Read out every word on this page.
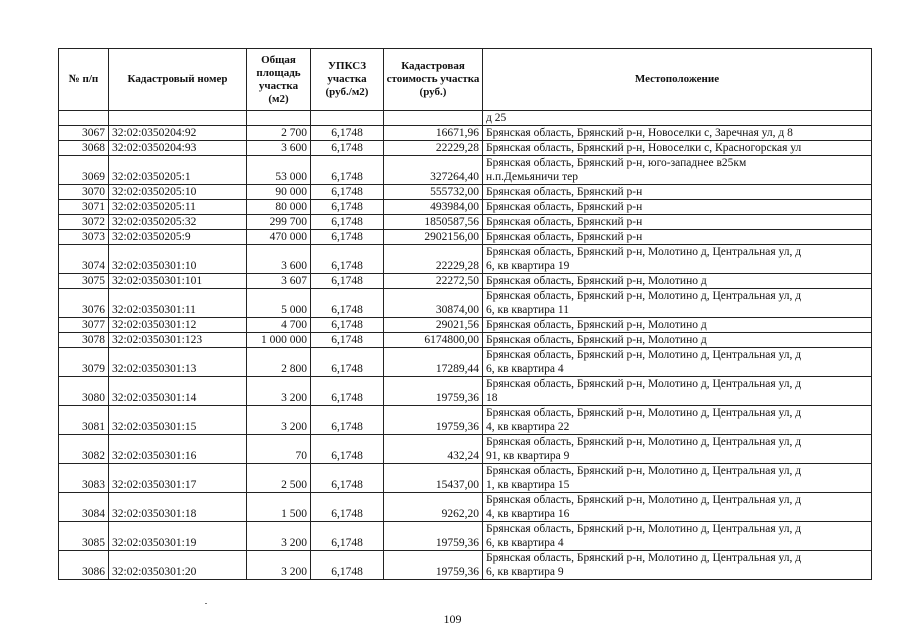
№ п/п	Кадастровый номер	Общая площадь участка (м2)	УПКСЗ участка (руб./м2)	Кадастровая стоимость участка (руб.)	Местоположение
					д 25
3067	32:02:0350204:92	2 700	6,1748	16671,96	Брянская область, Брянский р-н, Новоселки с, Заречная ул, д 8

3068	32:02:0350204:93	3 600	6,1748	22229,28	Брянская область, Брянский р-н, Новоселки с, Красногорская ул

3069	32:02:0350205:1	53 000	6,1748	327264,40	Брянская область, Брянский р-н, юго-западнее в25км
н.п.Демьяничи тер

3070	32:02:0350205:10	90 000	6,1748	555732,00	Брянская область, Брянский р-н

3071	32:02:0350205:11	80 000	6,1748	493984,00	Брянская область, Брянский р-н

3072	32:02:0350205:32	299 700	6,1748	1850587,56	Брянская область, Брянский р-н

3073	32:02:0350205:9	470 000	6,1748	2902156,00	Брянская область, Брянский р-н

3074	32:02:0350301:10	3 600	6,1748	22229,28	Брянская область, Брянский р-н, Молотино д, Центральная ул, д
6, кв квартира 19

3075	32:02:0350301:101	3 607	6,1748	22272,50	Брянская область, Брянский р-н, Молотино д

3076	32:02:0350301:11	5 000	6,1748	30874,00	Брянская область, Брянский р-н, Молотино д, Центральная ул, д
6, кв квартира 11

3077	32:02:0350301:12	4 700	6,1748	29021,56	Брянская область, Брянский р-н, Молотино д

3078	32:02:0350301:123	1 000 000	6,1748	6174800,00	Брянская область, Брянский р-н, Молотино д

3079	32:02:0350301:13	2 800	6,1748	17289,44	Брянская область, Брянский р-н, Молотино д, Центральная ул, д
6, кв квартира 4

3080	32:02:0350301:14	3 200	6,1748	19759,36	Брянская область, Брянский р-н, Молотино д, Центральная ул, д
18

3081	32:02:0350301:15	3 200	6,1748	19759,36	Брянская область, Брянский р-н, Молотино д, Центральная ул, д
4, кв квартира 22

3082	32:02:0350301:16	70	6,1748	432,24	Брянская область, Брянский р-н, Молотино д, Центральная ул, д
91, кв квартира 9

3083	32:02:0350301:17	2 500	6,1748	15437,00	Брянская область, Брянский р-н, Молотино д, Центральная ул, д
1, кв квартира 15

3084	32:02:0350301:18	1 500	6,1748	9262,20	Брянская область, Брянский р-н, Молотино д, Центральная ул, д
4, кв квартира 16

3085	32:02:0350301:19	3 200	6,1748	19759,36	Брянская область, Брянский р-н, Молотино д, Центральная ул, д
6, кв квартира 4

3086	32:02:0350301:20	3 200	6,1748	19759,36	Брянская область, Брянский р-н, Молотино д, Центральная ул, д
6, кв квартира 9
109
